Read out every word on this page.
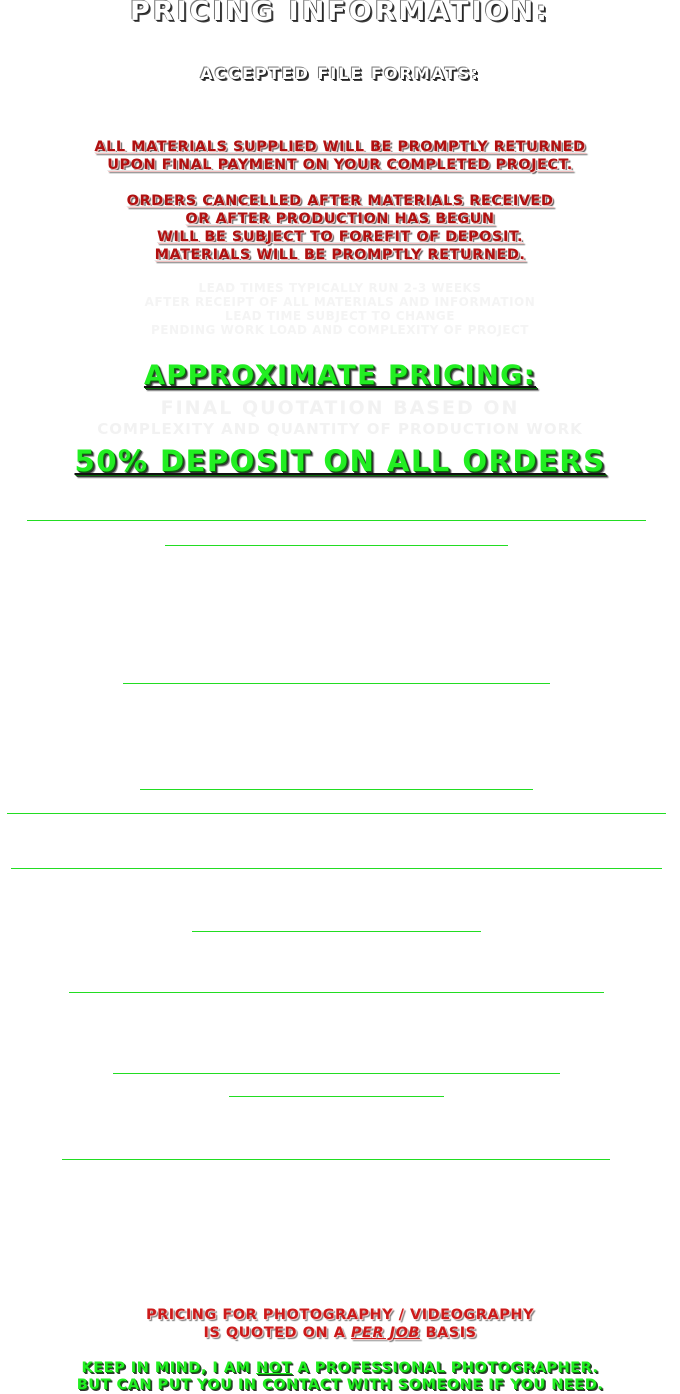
PRICING INFORMATION:
ACCEPTED FILE FORMATS:
ALL MATERIALS SUPPLIED WILL BE PROMPTLY RETURNED
UPON FINAL PAYMENT ON YOUR COMPLETED PROJECT.
ORDERS CANCELLED AFTER MATERIALS RECEIVED
OR AFTER PRODUCTION HAS BEGUN
WILL BE SUBJECT TO FOREFIT OF DEPOSIT.
MATERIALS WILL BE PROMPTLY RETURNED.
LEAD TIMES TYPICALLY RUN 2-3 WEEKS
AFTER RECEIPT OF ALL MATERIALS AND INFORMATION
LEAD TIME SUBJECT TO CHANGE
PENDING WORK LOAD AND COMPLEXITY OF PROJECT
APPROXIMATE PRICING:
FINAL QUOTATION BASED ON
COMPLEXITY AND QUANTITY OF PRODUCTION WORK
50% DEPOSIT ON ALL ORDERS
PRICING FOR PHOTOGRAPHY / VIDEOGRAPHY
IS QUOTED ON A PER JOB BASIS
KEEP IN MIND, I AM NOT A PROFESSIONAL PHOTOGRAPHER.
BUT CAN PUT YOU IN CONTACT WITH SOMEONE IF YOU NEED.
